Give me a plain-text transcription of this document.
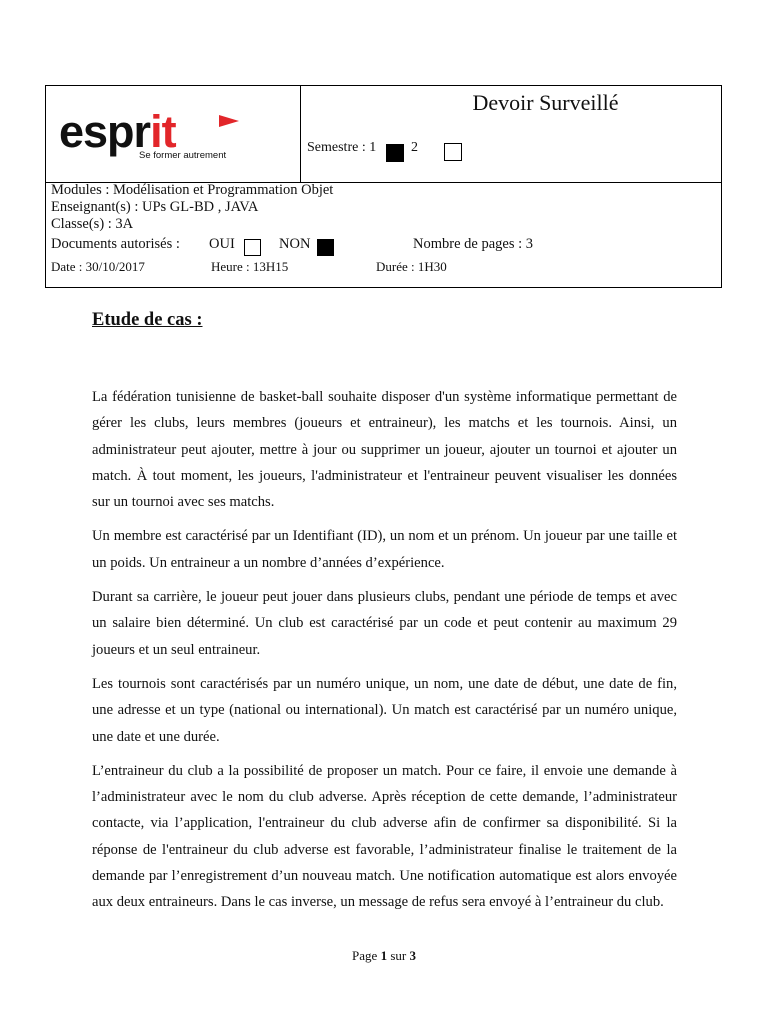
esprit
Se former autrement
Devoir Surveillé
Semestre : 1 2
Modules : Modélisation et Programmation Objet
Enseignant(s) : UPs GL-BD , JAVA
Classe(s) : 3A
Documents autorisés : OUI	NON	Nombre de pages : 3
Date : 30/10/2017	Heure : 13H15	Durée : 1H30
Etude de cas :

La fédération tunisienne de basket-ball souhaite disposer d'un système informatique permettant de gérer les clubs, leurs membres (joueurs et entraineur), les matchs et les tournois. Ainsi, un administrateur peut ajouter, mettre à jour ou supprimer un joueur, ajouter un tournoi et ajouter un match. À tout moment, les joueurs, l'administrateur et l'entraineur peuvent visualiser les données sur un tournoi avec ses matchs.

Un membre est caractérisé par un Identifiant (ID), un nom et un prénom. Un joueur par une taille et un poids. Un entraineur a un nombre d’années d’expérience.

Durant sa carrière, le joueur peut jouer dans plusieurs clubs, pendant une période de temps et avec un salaire bien déterminé. Un club est caractérisé par un code et peut contenir au maximum 29 joueurs et un seul entraineur.

Les tournois sont caractérisés par un numéro unique, un nom, une date de début, une date de fin, une adresse et un type (national ou international). Un match est caractérisé par un numéro unique, une date et une durée.

L’entraineur du club a la possibilité de proposer un match. Pour ce faire, il envoie une demande à l’administrateur avec le nom du club adverse. Après réception de cette demande, l’administrateur contacte, via l’application, l'entraineur du club adverse afin de confirmer sa disponibilité. Si la réponse de l'entraineur du club adverse est favorable, l’administrateur finalise le traitement de la demande par l’enregistrement d’un nouveau match. Une notification automatique est alors envoyée aux deux entraineurs. Dans le cas inverse, un message de refus sera envoyé à l’entraineur du club.

Page 1 sur 3
